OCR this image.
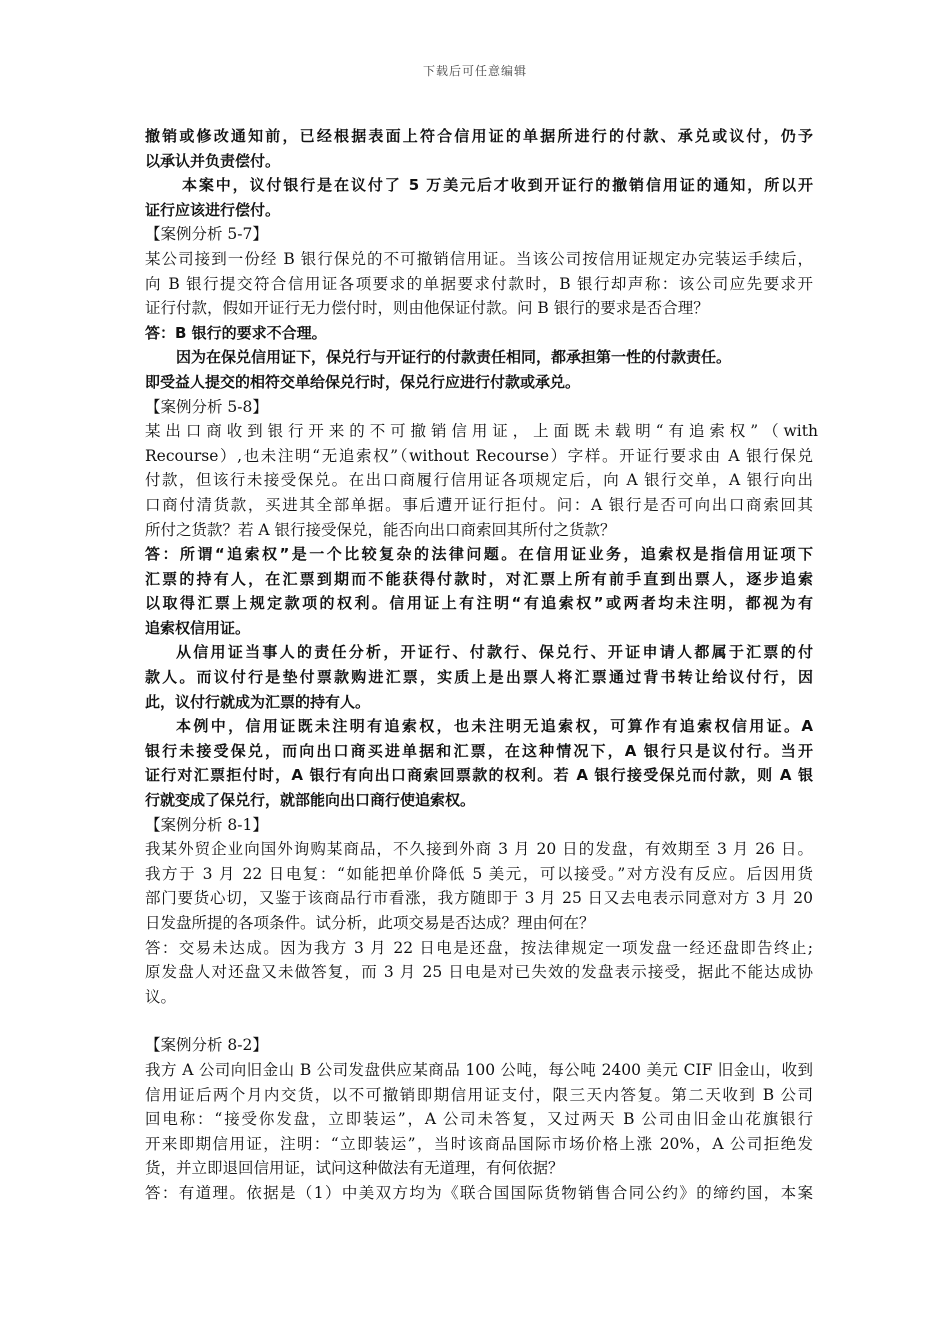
下载后可任意编辑
撤销或修改通知前，已经根据表面上符合信用证的单据所进行的付款、承兑或议付，仍予
以承认并负责偿付。
本案中，议付银行是在议付了 5 万美元后才收到开证行的撤销信用证的通知，所以开
证行应该进行偿付。
【案例分析 5-7】
某公司接到一份经 B 银行保兑的不可撤销信用证。当该公司按信用证规定办完装运手续后，
向 B 银行提交符合信用证各项要求的单据要求付款时，B 银行却声称：该公司应先要求开
证行付款，假如开证行无力偿付时，则由他保证付款。问 B 银行的要求是否合理？
答：B 银行的要求不合理。
因为在保兑信用证下，保兑行与开证行的付款责任相同，都承担第一性的付款责任。
即受益人提交的相符交单给保兑行时，保兑行应进行付款或承兑。
【案例分析 5-8】
某 出 口 商 收 到 银 行 开 来 的 不 可 撤 销 信 用 证 ， 上 面 既 未 载 明 “ 有 追 索 权 ” （ with
Recourse）,也未注明“无追索权”（without Recourse）字样。开证行要求由 A 银行保兑
付款，但该行未接受保兑。在出口商履行信用证各项规定后，向 A 银行交单，A 银行向出
口商付清货款，买进其全部单据。事后遭开证行拒付。问：A 银行是否可向出口商索回其
所付之货款？若 A 银行接受保兑，能否向出口商索回其所付之货款？
答：所谓“追索权”是一个比较复杂的法律问题。在信用证业务，追索权是指信用证项下
汇票的持有人，在汇票到期而不能获得付款时，对汇票上所有前手直到出票人，逐步追索
以取得汇票上规定款项的权利。信用证上有注明“有追索权”或两者均未注明，都视为有
追索权信用证。
从信用证当事人的责任分析，开证行、付款行、保兑行、开证申请人都属于汇票的付
款人。而议付行是垫付票款购进汇票，实质上是出票人将汇票通过背书转让给议付行，因
此，议付行就成为汇票的持有人。
本例中，信用证既未注明有追索权，也未注明无追索权，可算作有追索权信用证。A
银行未接受保兑，而向出口商买进单据和汇票，在这种情况下，A 银行只是议付行。当开
证行对汇票拒付时，A 银行有向出口商索回票款的权利。若 A 银行接受保兑而付款，则 A 银
行就变成了保兑行，就部能向出口商行使追索权。
【案例分析 8-1】
我某外贸企业向国外询购某商品，不久接到外商 3 月 20 日的发盘，有效期至 3 月 26 日。
我方于 3 月 22 日电复：“如能把单价降低 5 美元，可以接受。”对方没有反应。后因用货
部门要货心切，又鉴于该商品行市看涨，我方随即于 3 月 25 日又去电表示同意对方 3 月 20
日发盘所提的各项条件。试分析，此项交易是否达成？理由何在？
答：交易未达成。因为我方 3 月 22 日电是还盘，按法律规定一项发盘一经还盘即告终止;
原发盘人对还盘又未做答复，而 3 月 25 日电是对已失效的发盘表示接受，据此不能达成协
议。
【案例分析 8-2】
我方 A 公司向旧金山 B 公司发盘供应某商品 100 公吨，每公吨 2400 美元 CIF 旧金山，收到
信用证后两个月内交货，以不可撤销即期信用证支付，限三天内答复。第二天收到 B 公司
回电称：“接受你发盘，立即装运”，A 公司未答复，又过两天 B 公司由旧金山花旗银行
开来即期信用证，注明：“立即装运”，当时该商品国际市场价格上涨 20%，A 公司拒绝发
货，并立即退回信用证，试问这种做法有无道理，有何依据？
答：有道理。依据是（1）中美双方均为《联合国国际货物销售合同公约》的缔约国，本案
